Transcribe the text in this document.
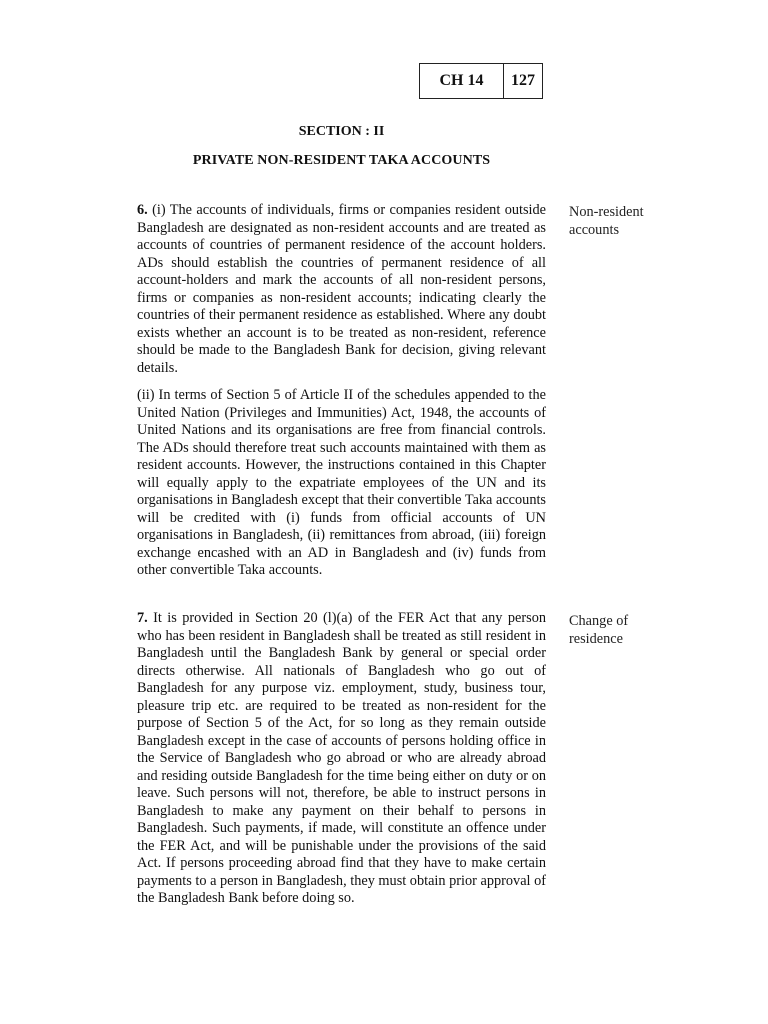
CH 14	127
SECTION : II
PRIVATE NON-RESIDENT TAKA ACCOUNTS

6. (i) The accounts of individuals, firms or companies resident outside Bangladesh are designated as non-resident accounts and are treated as accounts of countries of permanent residence of the account holders. ADs should establish the countries of permanent residence of all account-holders and mark the accounts of all non-resident persons, firms or companies as non-resident accounts; indicating clearly the countries of their permanent residence as established. Where any doubt exists whether an account is to be treated as non-resident, reference should be made to the Bangladesh Bank for decision, giving relevant details.

(ii) In terms of Section 5 of Article II of the schedules appended to the United Nation (Privileges and Immunities) Act, 1948, the accounts of United Nations and its organisations are free from financial controls. The ADs should therefore treat such accounts maintained with them as resident accounts. However, the instructions contained in this Chapter will equally apply to the expatriate employees of the UN and its organisations in Bangladesh except that their convertible Taka accounts will be credited with (i) funds from official accounts of UN organisations in Bangladesh, (ii) remittances from abroad, (iii) foreign exchange encashed with an AD in Bangladesh and (iv) funds from other convertible Taka accounts.

7. It is provided in Section 20 (l)(a) of the FER Act that any person who has been resident in Bangladesh shall be treated as still resident in Bangladesh until the Bangladesh Bank by general or special order directs otherwise. All nationals of Bangladesh who go out of Bangladesh for any purpose viz. employment, study, business tour, pleasure trip etc. are required to be treated as non-resident for the purpose of Section 5 of the Act, for so long as they remain outside Bangladesh except in the case of accounts of persons holding office in the Service of Bangladesh who go abroad or who are already abroad and residing outside Bangladesh for the time being either on duty or on leave. Such persons will not, therefore, be able to instruct persons in Bangladesh to make any payment on their behalf to persons in Bangladesh. Such payments, if made, will constitute an offence under the FER Act, and will be punishable under the provisions of the said Act. If persons proceeding abroad find that they have to make certain payments to a person in Bangladesh, they must obtain prior approval of the Bangladesh Bank before doing so.

Non-resident
accounts
Change of
residence
